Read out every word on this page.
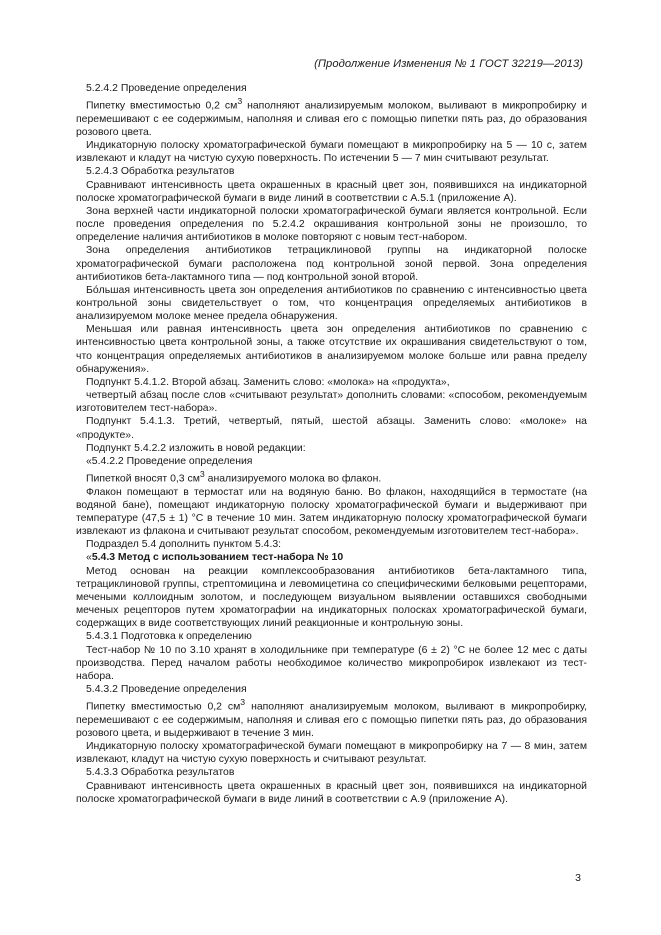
(Продолжение Изменения № 1 ГОСТ 32219—2013)

5.2.4.2 Проведение определения

Пипетку вместимостью 0,2 $см^3$ наполняют анализируемым молоком, выливают в микропробирку и перемешивают с ее содержимым, наполняя и сливая его с помощью пипетки пять раз, до образования розового цвета.

Индикаторную полоску хроматографической бумаги помещают в микропробирку на 5 — 10 с, затем извлекают и кладут на чистую сухую поверхность. По истечении 5 — 7 мин считывают результат.

5.2.4.3 Обработка результатов

Сравнивают интенсивность цвета окрашенных в красный цвет зон, появившихся на индикаторной полоске хроматографической бумаги в виде линий в соответствии с А.5.1 (приложение А).

Зона верхней части индикаторной полоски хроматографической бумаги является контрольной. Если после проведения определения по 5.2.4.2 окрашивания контрольной зоны не произошло, то определение наличия антибиотиков в молоке повторяют с новым тест-набором.

Зона определения антибиотиков тетрациклиновой группы на индикаторной полоске хроматографической бумаги расположена под контрольной зоной первой. Зона определения антибиотиков бета-лактамного типа — под контрольной зоной второй.

Бо́льшая интенсивность цвета зон определения антибиотиков по сравнению с интенсивностью цвета контрольной зоны свидетельствует о том, что концентрация определяемых антибиотиков в анализируемом молоке менее предела обнаружения.

Меньшая или равная интенсивность цвета зон определения антибиотиков по сравнению с интенсивностью цвета контрольной зоны, а также отсутствие их окрашивания свидетельствуют о том, что концентрация определяемых антибиотиков в анализируемом молоке больше или равна пределу обнаружения».

Подпункт 5.4.1.2. Второй абзац. Заменить слово: «молока» на «продукта»,

четвертый абзац после слов «считывают результат» дополнить словами: «способом, рекомендуемым изготовителем тест-набора».

Подпункт 5.4.1.3. Третий, четвертый, пятый, шестой абзацы. Заменить слово: «молоке» на «продукте».

Подпункт 5.4.2.2 изложить в новой редакции:

«5.4.2.2 Проведение определения

Пипеткой вносят 0,3 $см^3$ анализируемого молока во флакон.

Флакон помещают в термостат или на водяную баню. Во флакон, находящийся в термостате (на водяной бане), помещают индикаторную полоску хроматографической бумаги и выдерживают при температуре (47,5 ± 1) °С в течение 10 мин. Затем индикаторную полоску хроматографической бумаги извлекают из флакона и считывают результат способом, рекомендуемым изготовителем тест-набора».

Подраздел 5.4 дополнить пунктом 5.4.3:

«5.4.3 Метод с использованием тест-набора № 10

Метод основан на реакции комплексообразования антибиотиков бета-лактамного типа, тетрациклиновой группы, стрептомицина и левомицетина со специфическими белковыми рецепторами, мечеными коллоидным золотом, и последующем визуальном выявлении оставшихся свободными меченых рецепторов путем хроматографии на индикаторных полосках хроматографической бумаги, содержащих в виде соответствующих линий реакционные и контрольную зоны.

5.4.3.1 Подготовка к определению

Тест-набор № 10 по 3.10 хранят в холодильнике при температуре (6 ± 2) °С не более 12 мес с даты производства. Перед началом работы необходимое количество микропробирок извлекают из тест-набора.

5.4.3.2 Проведение определения

Пипетку вместимостью 0,2 $см^3$ наполняют анализируемым молоком, выливают в микропробирку, перемешивают с ее содержимым, наполняя и сливая его с помощью пипетки пять раз, до образования розового цвета, и выдерживают в течение 3 мин.

Индикаторную полоску хроматографической бумаги помещают в микропробирку на 7 — 8 мин, затем извлекают, кладут на чистую сухую поверхность и считывают результат.

5.4.3.3 Обработка результатов

Сравнивают интенсивность цвета окрашенных в красный цвет зон, появившихся на индикаторной полоске хроматографической бумаги в виде линий в соответствии с А.9 (приложение А).

3
